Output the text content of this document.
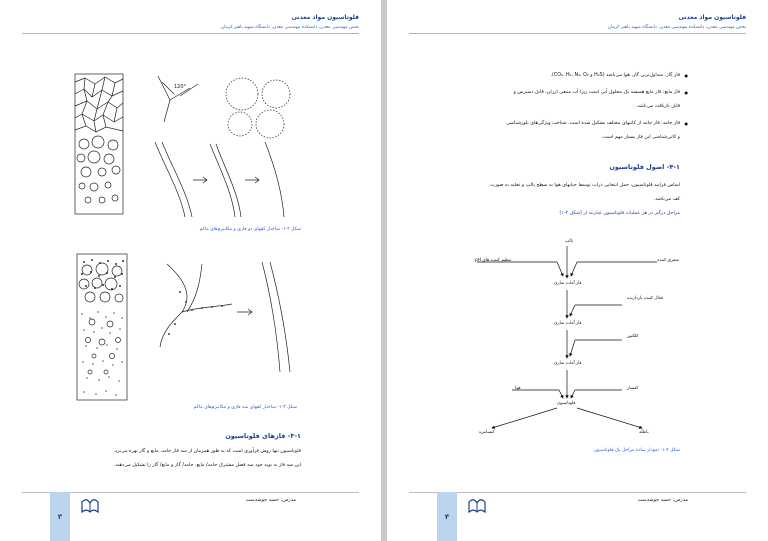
فلوتاسیون مواد معدنی
بخش مهندسی معدن، دانشکده مهندسی معدن، دانشگاه شهید باهنر کرمان
120°
شکل ۲-۱- ساختار کفهای دو فازی و مکانیزم‌های ماکم
شکل ۳-۱- ساختار کفهای سه فازی و مکانیزم‌های ماکم
۳-۱- فازهای فلوتاسیون
فلوتاسیون تنها روش فرآوری است که به طور همزمان از سه فاز جامد، مایع و گاز بهره می‌برد.
این سه فاز به نوبه خود سه فصل مشترک جامد/ مایع، جامد/ گاز و مایع/ گاز را تشکیل می‌دهند.
۳
مدرس: حمید خوشدست
فلوتاسیون مواد معدنی
بخش مهندسی معدن، دانشکده مهندسی معدن، دانشگاه شهید باهنر کرمان
● فاز گاز: متداول‌ترین گاز، هوا می‌باشد (H₂S و CO₂, H₂, N₂, O₂).
● فاز مایع: فاز مایع همیشه یک محلول آبی است زیرا آب منبعی ارزان، قابل دسترس و
قابل بازیافت می‌باشد.
● فاز جامد: فاز جامد از کانیهای مختلف تشکیل شده است. شناخت ویژگی‌های بلورشناسی
و کانی‌شناسی این فاز بسیار مهم است.
۴-۱- اصول فلوتاسیون
اساس فرایند فلوتاسیون، حمل انتخابی ذرات توسط حبابهای هوا به سطح پالپ و تخلیه به صورت
کف می‌باشد.
مراحل درگیر در هر عملیات فلوتاسیون عبارتند از (شکل ۴-۱)
پالپ
تنظیم کننده های pH	متفرق کننده
فاز آماده سازی
فعال کننده بازدارنده
فاز آماده سازی
کلکتور
فاز آماده سازی
هوا	کفساز
فلوتاسیون
کنسانتره	باطله
شکل ۴-۱- نمودار ساده مراحل یک فلوتاسیون
۴
مدرس: حمید خوشدست
